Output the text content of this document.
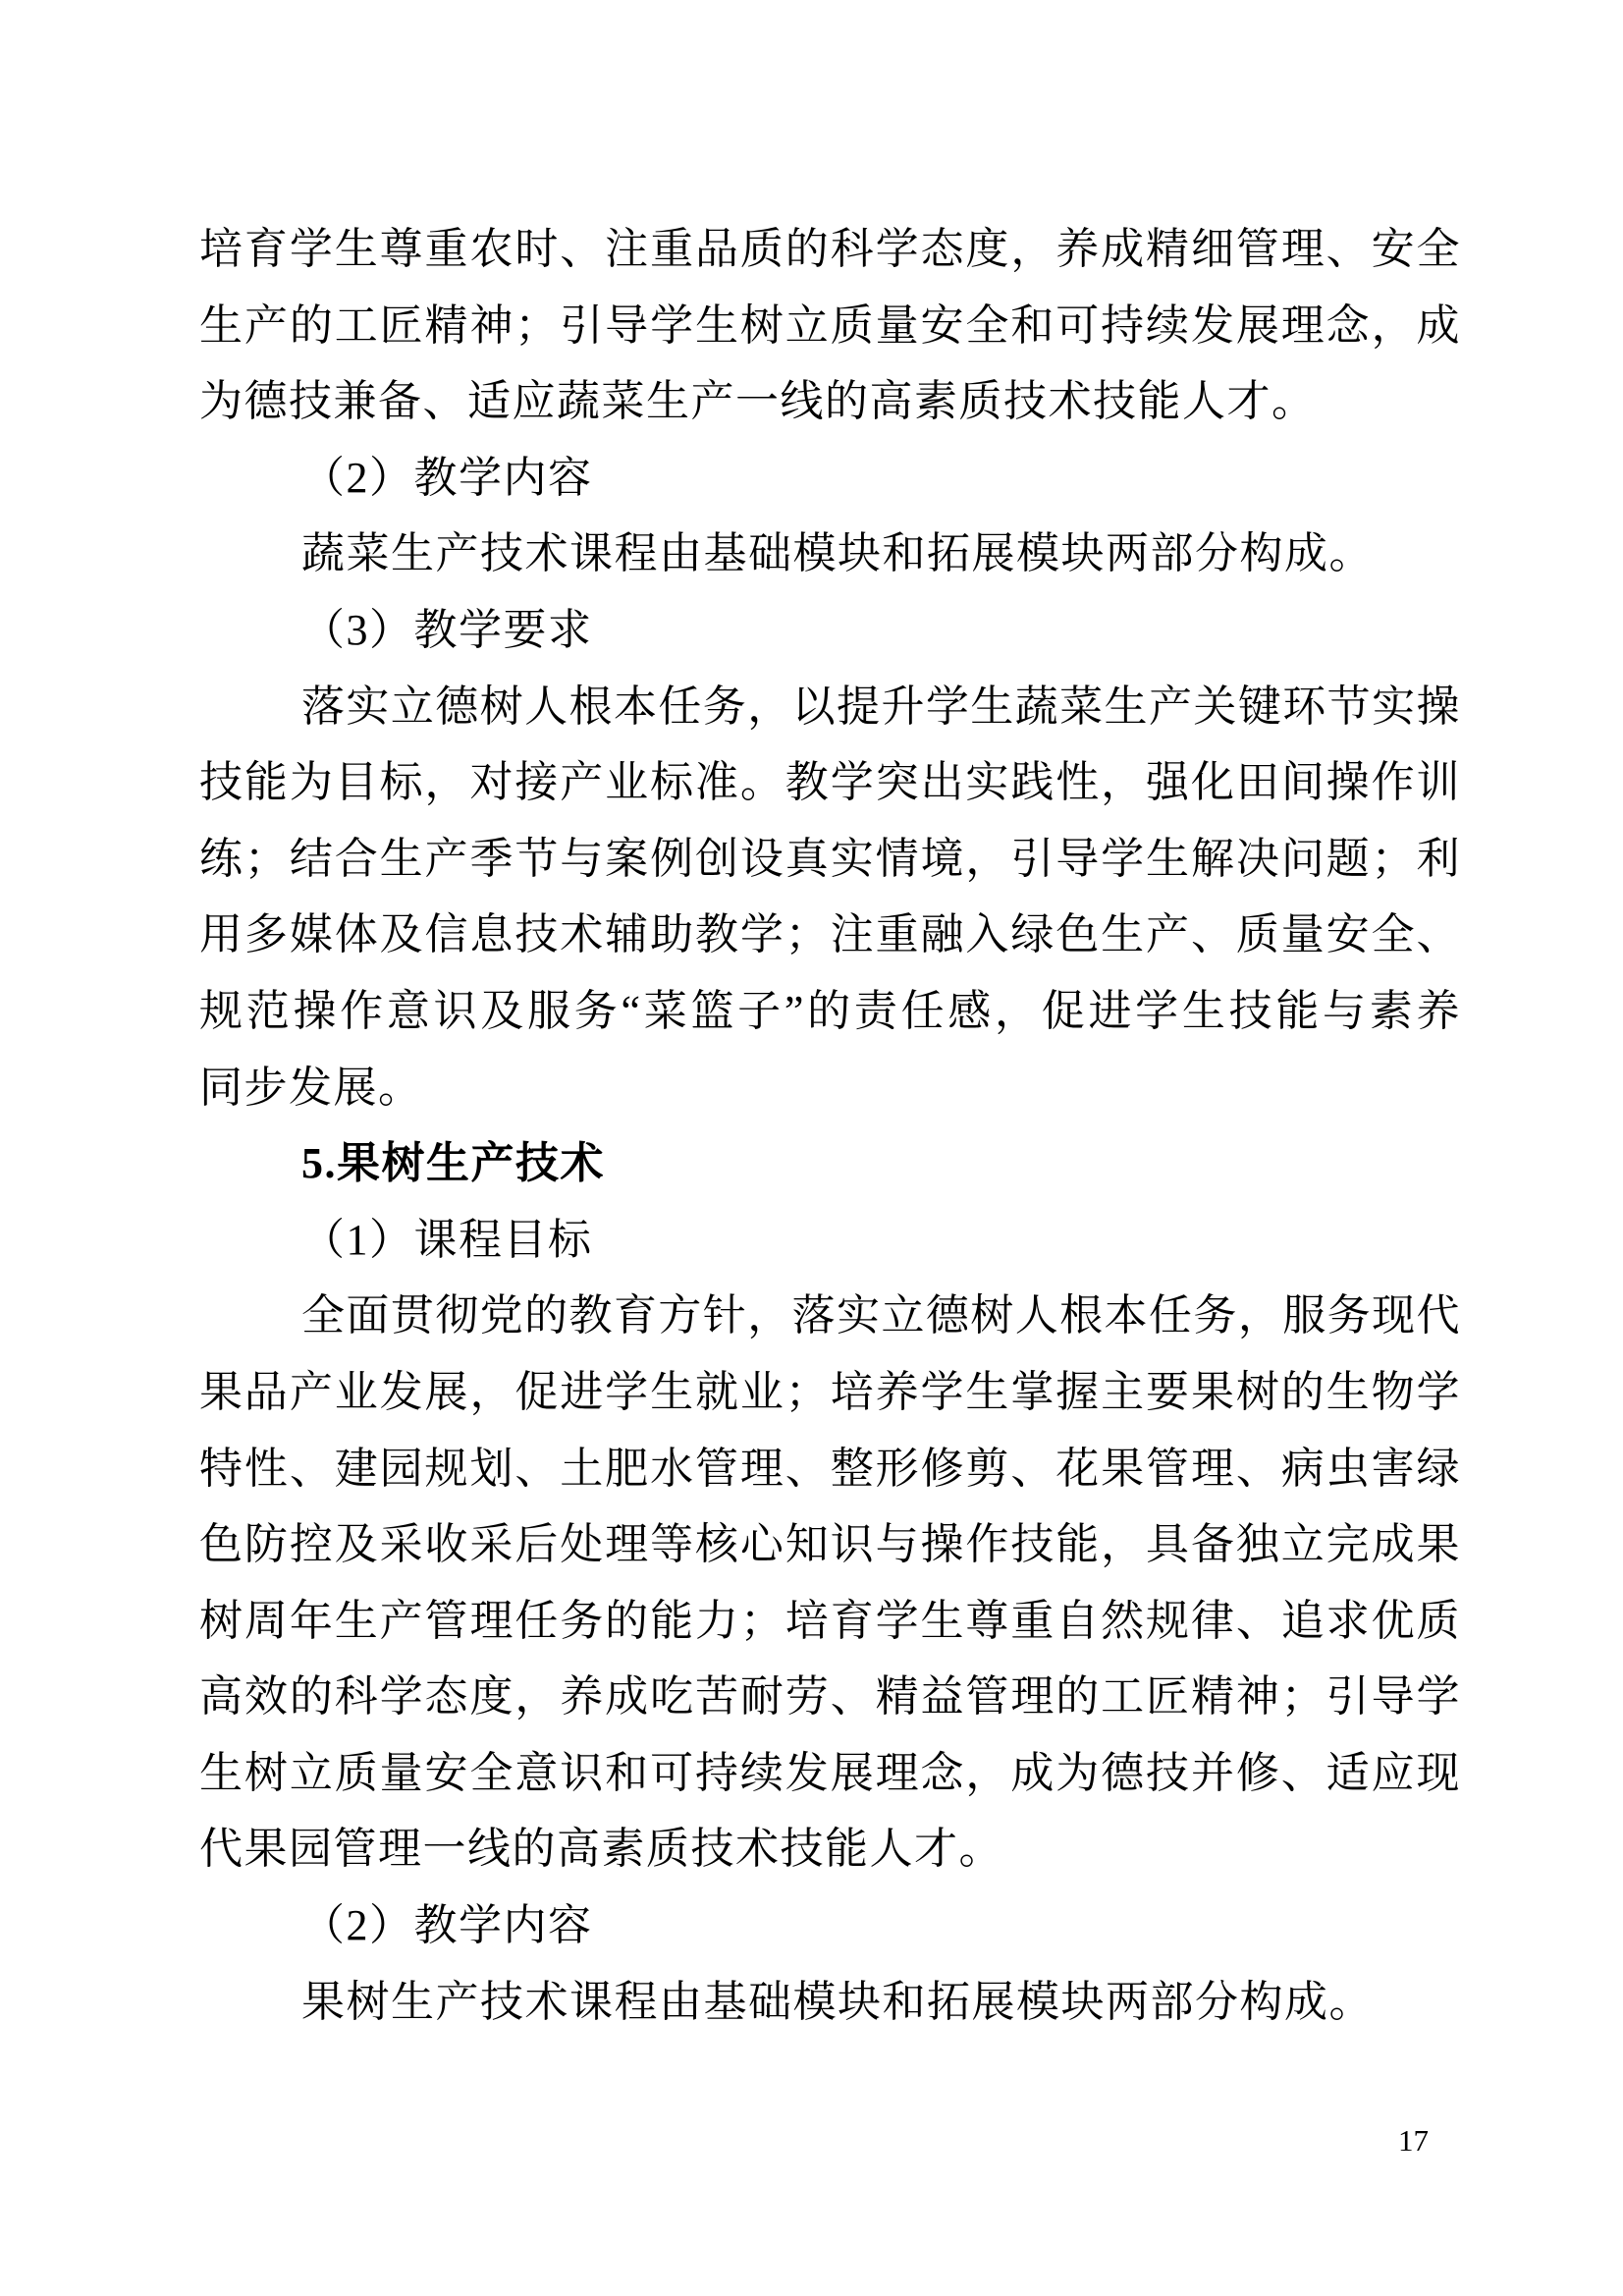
培育学生尊重农时、注重品质的科学态度，养成精细管理、安全
生产的工匠精神；引导学生树立质量安全和可持续发展理念，成
为德技兼备、适应蔬菜生产一线的高素质技术技能人才。
（2）教学内容
蔬菜生产技术课程由基础模块和拓展模块两部分构成。
（3）教学要求
落实立德树人根本任务，以提升学生蔬菜生产关键环节实操
技能为目标，对接产业标准。教学突出实践性，强化田间操作训
练；结合生产季节与案例创设真实情境，引导学生解决问题；利
用多媒体及信息技术辅助教学；注重融入绿色生产、质量安全、
规范操作意识及服务“菜篮子”的责任感，促进学生技能与素养
同步发展。
5.果树生产技术
（1）课程目标
全面贯彻党的教育方针，落实立德树人根本任务，服务现代
果品产业发展，促进学生就业；培养学生掌握主要果树的生物学
特性、建园规划、土肥水管理、整形修剪、花果管理、病虫害绿
色防控及采收采后处理等核心知识与操作技能，具备独立完成果
树周年生产管理任务的能力；培育学生尊重自然规律、追求优质
高效的科学态度，养成吃苦耐劳、精益管理的工匠精神；引导学
生树立质量安全意识和可持续发展理念，成为德技并修、适应现
代果园管理一线的高素质技术技能人才。
（2）教学内容
果树生产技术课程由基础模块和拓展模块两部分构成。
17
